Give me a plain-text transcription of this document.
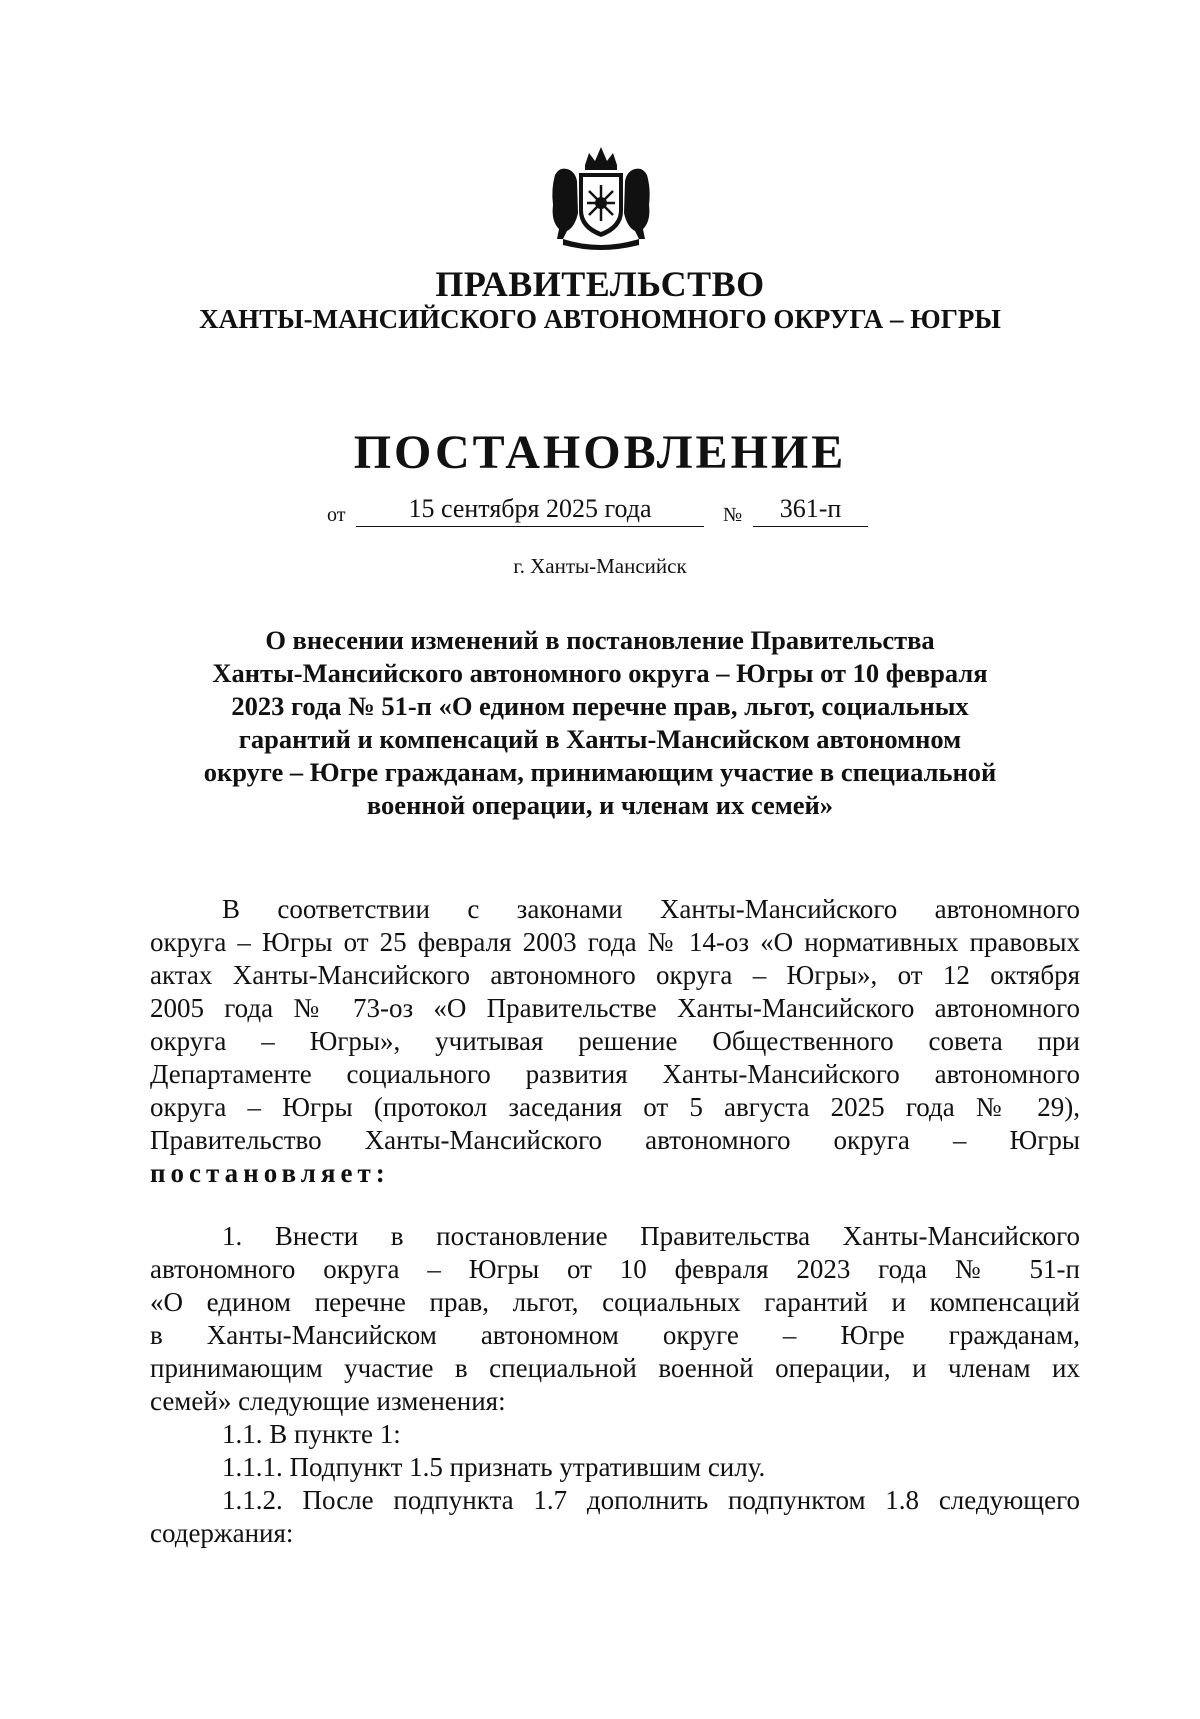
ПРАВИТЕЛЬСТВО
ХАНТЫ-МАНСИЙСКОГО АВТОНОМНОГО ОКРУГА – ЮГРЫ
ПОСТАНОВЛЕНИЕ
от	15 сентября 2025 года	№	361-п
г. Ханты-Мансийск
О внесении изменений в постановление Правительства
Ханты-Мансийского автономного округа – Югры от 10 февраля
2023 года № 51-п «О едином перечне прав, льгот, социальных
гарантий и компенсаций в Ханты-Мансийском автономном
округе – Югре гражданам, принимающим участие в специальной
военной операции, и членам их семей»
В соответствии с законами Ханты-Мансийского автономного
округа – Югры от 25 февраля 2003 года № 14-оз «О нормативных правовых
актах Ханты-Мансийского автономного округа – Югры», от 12 октября
2005 года № 73-оз «О Правительстве Ханты-Мансийского автономного
округа – Югры», учитывая решение Общественного совета при
Департаменте социального развития Ханты-Мансийского автономного
округа – Югры (протокол заседания от 5 августа 2025 года № 29),
Правительство Ханты-Мансийского автономного округа – Югры
постановляет:
1. Внести в постановление Правительства Ханты-Мансийского
автономного округа – Югры от 10 февраля 2023 года № 51-п
«О едином перечне прав, льгот, социальных гарантий и компенсаций
в Ханты-Мансийском автономном округе – Югре гражданам,
принимающим участие в специальной военной операции, и членам их
семей» следующие изменения:
1.1. В пункте 1:
1.1.1. Подпункт 1.5 признать утратившим силу.
1.1.2. После подпункта 1.7 дополнить подпунктом 1.8 следующего
содержания:
